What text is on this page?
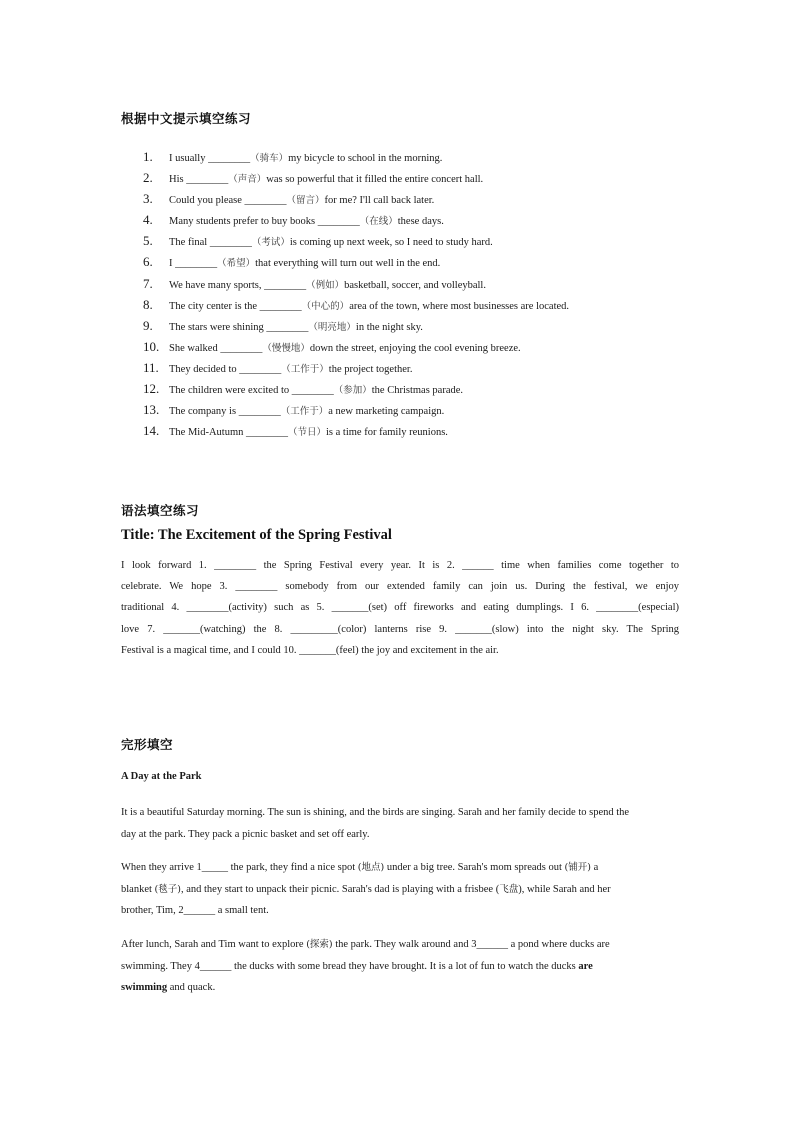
根据中文提示填空练习
1. I usually ________（骑车）my bicycle to school in the morning.
2. His ________（声音）was so powerful that it filled the entire concert hall.
3. Could you please ________（留言）for me? I'll call back later.
4. Many students prefer to buy books ________（在线）these days.
5. The final ________（考试）is coming up next week, so I need to study hard.
6. I ________（希望）that everything will turn out well in the end.
7. We have many sports, ________（例如）basketball, soccer, and volleyball.
8. The city center is the ________（中心的）area of the town, where most businesses are located.
9. The stars were shining ________（明亮地）in the night sky.
10. She walked ________（慢慢地）down the street, enjoying the cool evening breeze.
11. They decided to ________（工作于）the project together.
12. The children were excited to ________（参加）the Christmas parade.
13. The company is ________（工作于）a new marketing campaign.
14. The Mid-Autumn ________（节日）is a time for family reunions.
语法填空练习
Title: The Excitement of the Spring Festival
I look forward 1. ________ the Spring Festival every year. It is 2. ______ time when families come together to
celebrate. We hope 3. ________ somebody from our extended family can join us. During the festival, we enjoy
traditional 4. ________(activity) such as 5. _______(set) off fireworks and eating dumplings. I 6. ________(especial)
love 7. _______(watching) the 8. _________(color) lanterns rise 9. _______(slow) into the night sky. The Spring
Festival is a magical time, and I could 10. _______(feel) the joy and excitement in the air.
完形填空
A Day at the Park
It is a beautiful Saturday morning. The sun is shining, and the birds are singing. Sarah and her family decide to spend the
day at the park. They pack a picnic basket and set off early.
When they arrive 1_____ the park, they find a nice spot (地点) under a big tree. Sarah's mom spreads out (铺开) a
blanket (毯子), and they start to unpack their picnic. Sarah's dad is playing with a frisbee (飞盘), while Sarah and her
brother, Tim, 2______ a small tent.
After lunch, Sarah and Tim want to explore (探索) the park. They walk around and 3______ a pond where ducks are
swimming. They 4______ the ducks with some bread they have brought. It is a lot of fun to watch the ducks are
swimming and quack.
